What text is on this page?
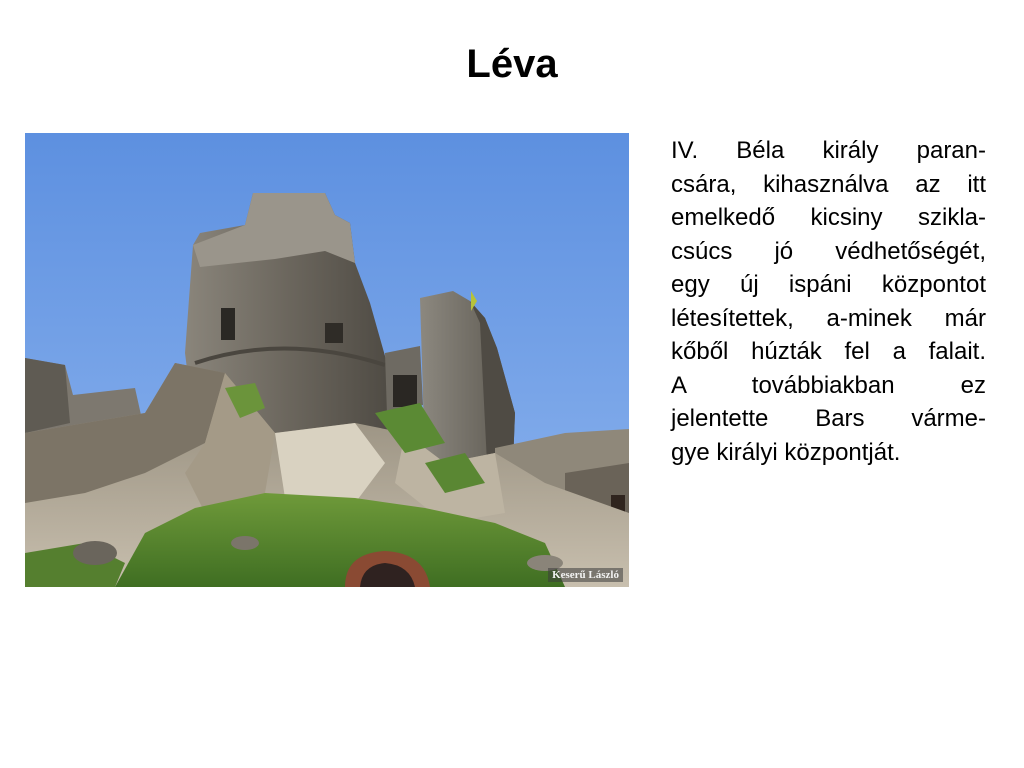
Léva
Keserű László
IV. Béla király paran-
csára, kihasználva az itt
emelkedő kicsiny szikla-
csúcs jó védhetőségét,
egy új ispáni központot
létesítettek, a-minek már
kőből húzták fel a falait.
A továbbiakban ez
jelentette Bars várme-
gye királyi központját.
